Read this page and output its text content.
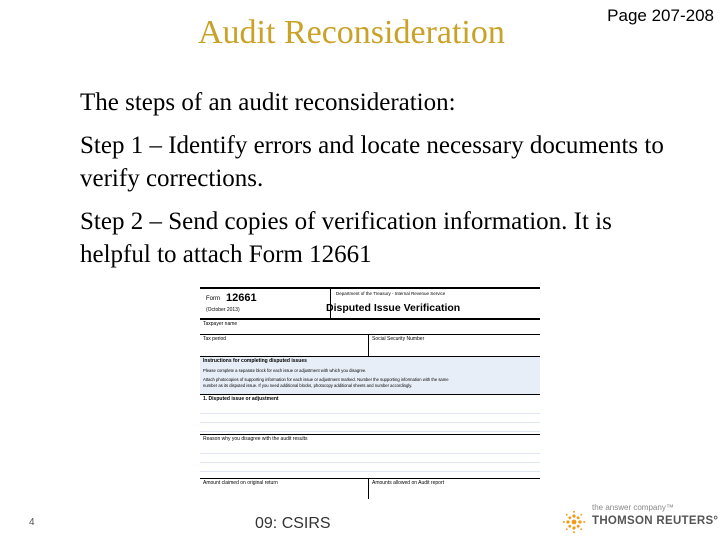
Audit Reconsideration	Page 207-208
The steps of an audit reconsideration:
Step 1 – Identify errors and locate necessary documents to verify corrections.
Step 2 – Send copies of verification information. It is helpful to attach Form 12661
Form 12661
(October 2013)
Department of the Treasury - Internal Revenue Service
Disputed Issue Verification
Taxpayer name
Tax period	Social Security Number
Instructions for completing disputed issues
Please complete a separate block for each issue or adjustment with which you disagree.
Attach photocopies of supporting information for each issue or adjustment marked. Number the supporting information with the same
number as its disputed issue. If you need additional blocks, photocopy additional sheets and number accordingly.
1. Disputed issue or adjustment
Reason why you disagree with the audit results
Amount claimed on original return	Amounts allowed on Audit report
4	09: CSIRS
the answer company™
THOMSON REUTERS°
